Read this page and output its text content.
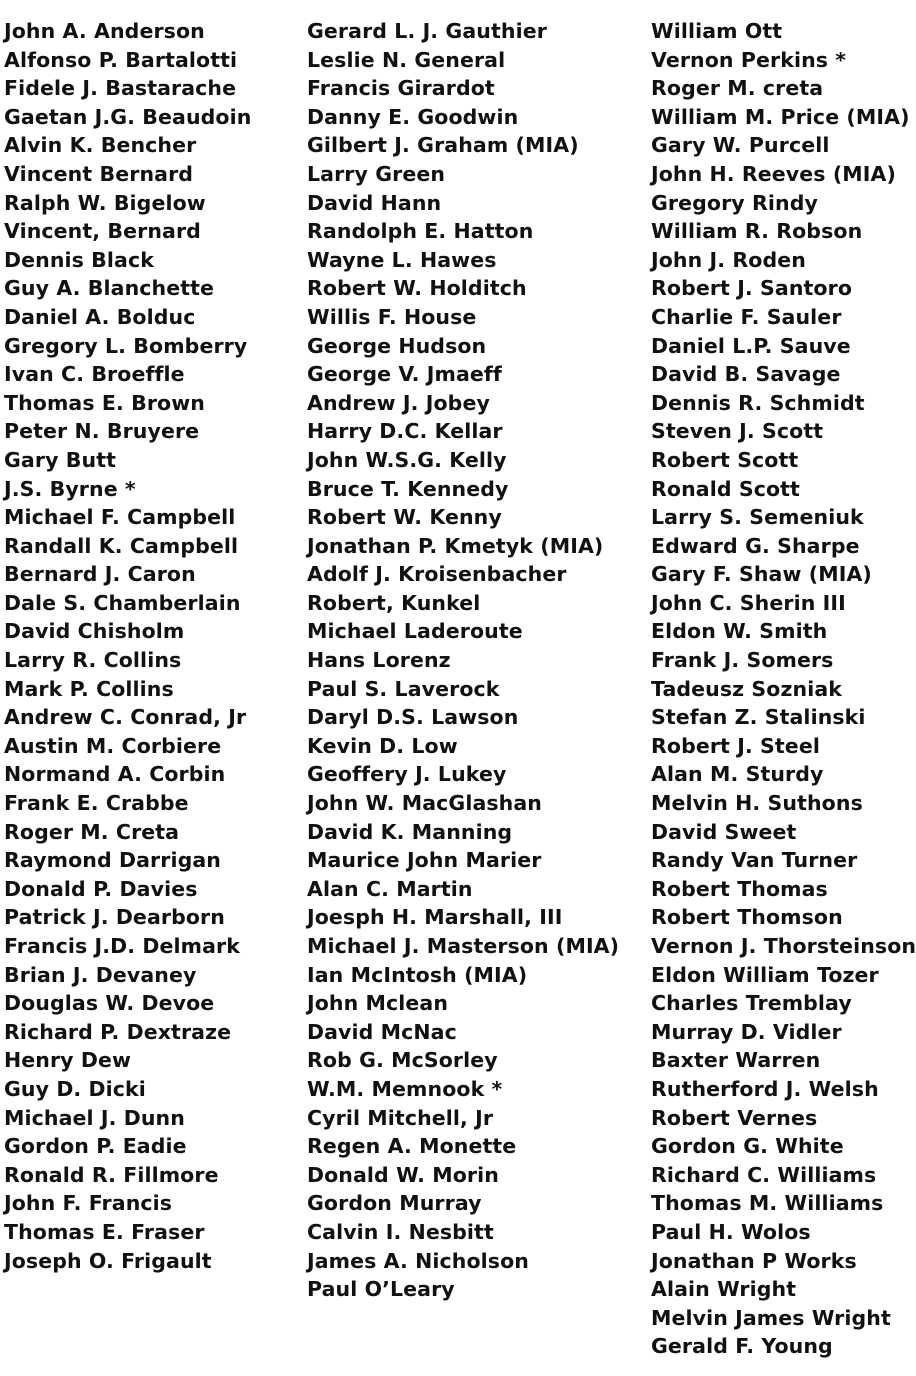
John A. Anderson
Alfonso P. Bartalotti
Fidele J. Bastarache
Gaetan J.G. Beaudoin
Alvin K. Bencher
Vincent Bernard
Ralph W. Bigelow
Vincent, Bernard
Dennis Black
Guy A. Blanchette
Daniel A. Bolduc
Gregory L. Bomberry
Ivan C. Broeffle
Thomas E. Brown
Peter N. Bruyere
Gary Butt
J.S. Byrne *
Michael F. Campbell
Randall K. Campbell
Bernard J. Caron
Dale S. Chamberlain
David Chisholm
Larry R. Collins
Mark P. Collins
Andrew C. Conrad, Jr
Austin M. Corbiere
Normand A. Corbin
Frank E. Crabbe
Roger M. Creta
Raymond Darrigan
Donald P. Davies
Patrick J. Dearborn
Francis J.D. Delmark
Brian J. Devaney
Douglas W. Devoe
Richard P. Dextraze
Henry Dew
Guy D. Dicki
Michael J. Dunn
Gordon P. Eadie
Ronald R. Fillmore
John F. Francis
Thomas E. Fraser
Joseph O. Frigault
Gerard L. J. Gauthier
Leslie N. General
Francis Girardot
Danny E. Goodwin
Gilbert J. Graham (MIA)
Larry Green
David Hann
Randolph E. Hatton
Wayne L. Hawes
Robert W. Holditch
Willis F. House
George Hudson
George V. Jmaeff
Andrew J. Jobey
Harry D.C. Kellar
John W.S.G. Kelly
Bruce T. Kennedy
Robert W. Kenny
Jonathan P. Kmetyk (MIA)
Adolf J. Kroisenbacher
Robert, Kunkel
Michael Laderoute
Hans Lorenz
Paul S. Laverock
Daryl D.S. Lawson
Kevin D. Low
Geoffery J. Lukey
John W. MacGlashan
David K. Manning
Maurice John Marier
Alan C. Martin
Joesph H. Marshall, III
Michael J. Masterson (MIA)
Ian McIntosh (MIA)
John Mclean
David McNac
Rob G. McSorley
W.M. Memnook *
Cyril Mitchell, Jr
Regen A. Monette
Donald W. Morin
Gordon Murray
Calvin I. Nesbitt
James A. Nicholson
Paul O’Leary
William Ott
Vernon Perkins *
Roger M. creta
William M. Price (MIA)
Gary W. Purcell
John H. Reeves (MIA)
Gregory Rindy
William R. Robson
John J. Roden
Robert J. Santoro
Charlie F. Sauler
Daniel L.P. Sauve
David B. Savage
Dennis R. Schmidt
Steven J. Scott
Robert Scott
Ronald Scott
Larry S. Semeniuk
Edward G. Sharpe
Gary F. Shaw (MIA)
John C. Sherin III
Eldon W. Smith
Frank J. Somers
Tadeusz Sozniak
Stefan Z. Stalinski
Robert J. Steel
Alan M. Sturdy
Melvin H. Suthons
David Sweet
Randy Van Turner
Robert Thomas
Robert Thomson
Vernon J. Thorsteinson
Eldon William Tozer
Charles Tremblay
Murray D. Vidler
Baxter Warren
Rutherford J. Welsh
Robert Vernes
Gordon G. White
Richard C. Williams
Thomas M. Williams
Paul H. Wolos
Jonathan P Works
Alain Wright
Melvin James Wright
Gerald F. Young
